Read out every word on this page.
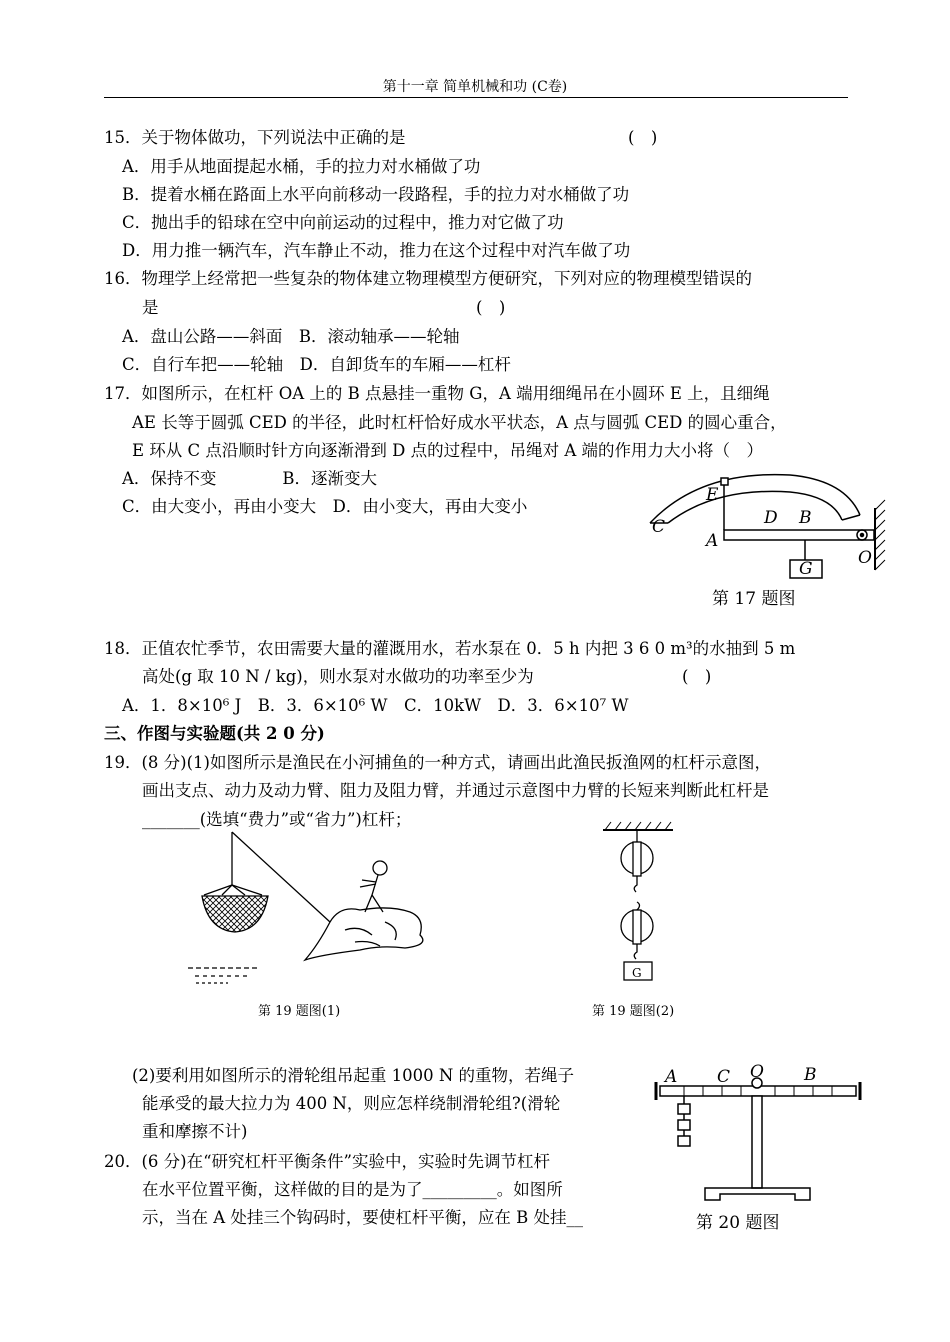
第十一章 简单机械和功 (C卷)
15．关于物体做功，下列说法中正确的是	(　)
A．用手从地面提起水桶，手的拉力对水桶做了功
B．提着水桶在路面上水平向前移动一段路程，手的拉力对水桶做了功
C．抛出手的铅球在空中向前运动的过程中，推力对它做了功
D．用力推一辆汽车，汽车静止不动，推力在这个过程中对汽车做了功
16．物理学上经常把一些复杂的物体建立物理模型方便研究，下列对应的物理模型错误的
是	(　)
A．盘山公路——斜面　B．滚动轴承——轮轴
C．自行车把——轮轴　D．自卸货车的车厢——杠杆
17．如图所示，在杠杆 OA 上的 B 点悬挂一重物 G，A 端用细绳吊在小圆环 E 上，且细绳
AE 长等于圆弧 CED 的半径，此时杠杆恰好成水平状态，A 点与圆弧 CED 的圆心重合，
E 环从 C 点沿顺时针方向逐渐滑到 D 点的过程中，吊绳对 A 端的作用力大小将（　）
A．保持不变　　　　B．逐渐变大
C．由大变小，再由小变大　D．由小变大，再由大变小
18．正值农忙季节，农田需要大量的灌溉用水，若水泵在 0．5 h 内把 3 6 0 m³的水抽到 5 m
高处(g 取 10 N / kg)，则水泵对水做功的功率至少为	(　)
A．1．8×10⁶ J　B．3．6×10⁶ W　C．10kW　D．3．6×10⁷ W
三、作图与实验题(共 2 0 分)
19．(8 分)(1)如图所示是渔民在小河捕鱼的一种方式，请画出此渔民扳渔网的杠杆示意图，
画出支点、动力及动力臂、阻力及阻力臂，并通过示意图中力臂的长短来判断此杠杆是
_______(选填“费力”或“省力”)杠杆；
(2)要利用如图所示的滑轮组吊起重 1000 N 的重物，若绳子
能承受的最大拉力为 400 N，则应怎样绕制滑轮组?(滑轮
重和摩擦不计)
20．(6 分)在“研究杠杆平衡条件”实验中，实验时先调节杠杆
在水平位置平衡，这样做的目的是为了_________。如图所
示，当在 A 处挂三个钩码时，要使杠杆平衡，应在 B 处挂__
C
E
D B
A
O
G
第 17 题图
第 19 题图(1)
G
第 19 题图(2)
A C O B
第 20 题图
